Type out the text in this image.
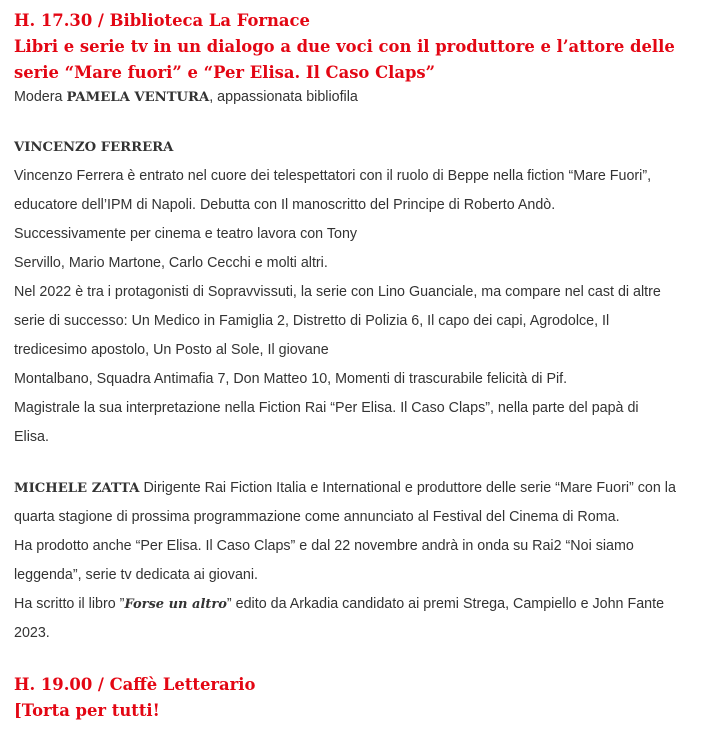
H. 17.30 / Biblioteca La Fornace

Libri e serie tv in un dialogo a due voci con il produttore e l’attore delle

serie “Mare fuori” e “Per Elisa. Il Caso Claps”

Modera PAMELA VENTURA, appassionata bibliofila

VINCENZO FERRERA

Vincenzo Ferrera è entrato nel cuore dei telespettatori con il ruolo di Beppe nella fiction “Mare Fuori”,

educatore dell’IPM di Napoli. Debutta con Il manoscritto del Principe di Roberto Andò.

Successivamente per cinema e teatro lavora con Tony

Servillo, Mario Martone, Carlo Cecchi e molti altri.

Nel 2022 è tra i protagonisti di Sopravvissuti, la serie con Lino Guanciale, ma compare nel cast di altre

serie di successo: Un Medico in Famiglia 2, Distretto di Polizia 6, Il capo dei capi, Agrodolce, Il

tredicesimo apostolo, Un Posto al Sole, Il giovane

Montalbano, Squadra Antimafia 7, Don Matteo 10, Momenti di trascurabile felicità di Pif.

Magistrale la sua interpretazione nella Fiction Rai “Per Elisa. Il Caso Claps”, nella parte del papà di

Elisa.

MICHELE ZATTA Dirigente Rai Fiction Italia e International e produttore delle serie “Mare Fuori” con la

quarta stagione di prossima programmazione come annunciato al Festival del Cinema di Roma.

Ha prodotto anche “Per Elisa. Il Caso Claps” e dal 22 novembre andrà in onda su Rai2 “Noi siamo

leggenda”, serie tv dedicata ai giovani.

Ha scritto il libro ”Forse un altro” edito da Arkadia candidato ai premi Strega, Campiello e John Fante

2023.

H. 19.00 / Caffè Letterario

[Torta per tutti!
